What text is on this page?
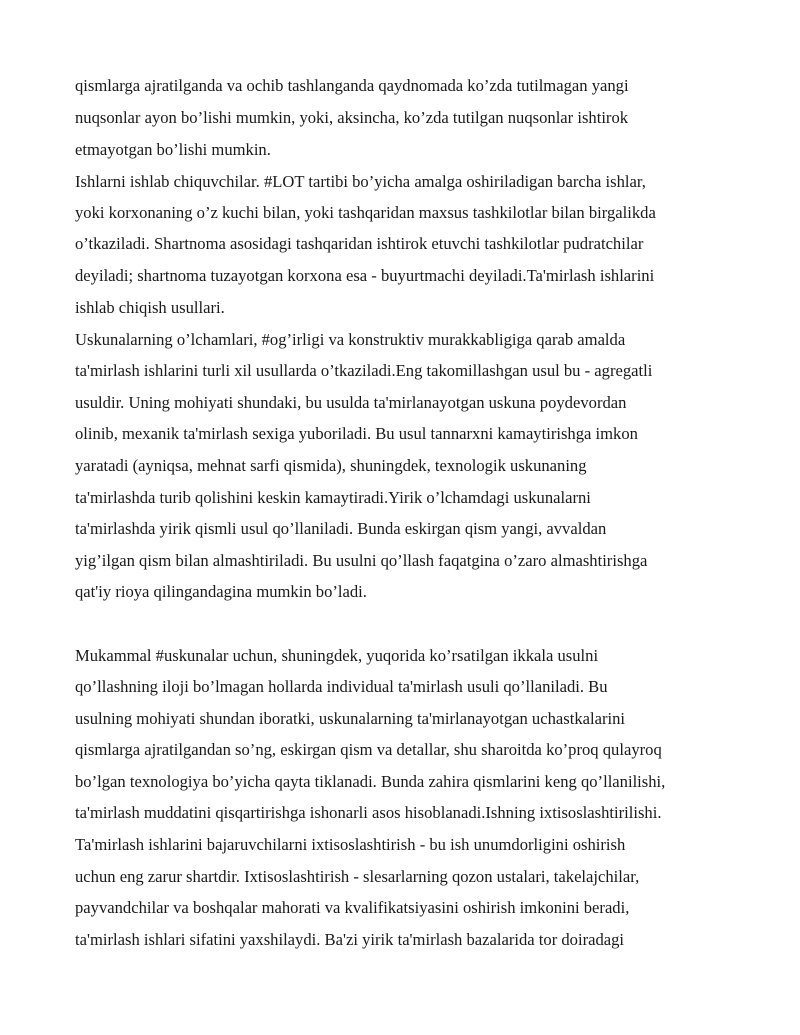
qismlarga ajratilganda va ochib tashlanganda qaydnomada ko’zda tutilmagan yangi
nuqsonlar ayon bo’lishi mumkin, yoki, aksincha, ko’zda tutilgan nuqsonlar ishtirok
etmayotgan bo’lishi mumkin.
Ishlarni ishlab chiquvchilar. #LOT tartibi bo’yicha amalga oshiriladigan barcha ishlar,
yoki korxonaning o’z kuchi bilan, yoki tashqaridan maxsus tashkilotlar bilan birgalikda
o’tkaziladi. Shartnoma asosidagi tashqaridan ishtirok etuvchi tashkilotlar pudratchilar
deyiladi; shartnoma tuzayotgan korxona esa - buyurtmachi deyiladi.Ta'mirlash ishlarini
ishlab chiqish usullari.
Uskunalarning o’lchamlari, #og’irligi va konstruktiv murakkabligiga qarab amalda
ta'mirlash ishlarini turli xil usullarda o’tkaziladi.Eng takomillashgan usul bu - agregatli
usuldir. Uning mohiyati shundaki, bu usulda ta'mirlanayotgan uskuna poydevordan
olinib, mexanik ta'mirlash sexiga yuboriladi. Bu usul tannarxni kamaytirishga imkon
yaratadi (ayniqsa, mehnat sarfi qismida), shuningdek, texnologik uskunaning
ta'mirlashda turib qolishini keskin kamaytiradi.Yirik o’lchamdagi uskunalarni
ta'mirlashda yirik qismli usul qo’llaniladi. Bunda eskirgan qism yangi, avvaldan
yig’ilgan qism bilan almashtiriladi. Bu usulni qo’llash faqatgina o’zaro almashtirishga
qat'iy rioya qilingandagina mumkin bo’ladi.
Mukammal #uskunalar uchun, shuningdek, yuqorida ko’rsatilgan ikkala usulni
qo’llashning iloji bo’lmagan hollarda individual ta'mirlash usuli qo’llaniladi. Bu
usulning mohiyati shundan iboratki, uskunalarning ta'mirlanayotgan uchastkalarini
qismlarga ajratilgandan so’ng, eskirgan qism va detallar, shu sharoitda ko’proq qulayroq
bo’lgan texnologiya bo’yicha qayta tiklanadi. Bunda zahira qismlarini keng qo’llanilishi,
ta'mirlash muddatini qisqartirishga ishonarli asos hisoblanadi.Ishning ixtisoslashtirilishi.
Ta'mirlash ishlarini bajaruvchilarni ixtisoslashtirish - bu ish unumdorligini oshirish
uchun eng zarur shartdir. Ixtisoslashtirish - slesarlarning qozon ustalari, takelajchilar,
payvandchilar va boshqalar mahorati va kvalifikatsiyasini oshirish imkonini beradi,
ta'mirlash ishlari sifatini yaxshilaydi. Ba'zi yirik ta'mirlash bazalarida tor doiradagi
